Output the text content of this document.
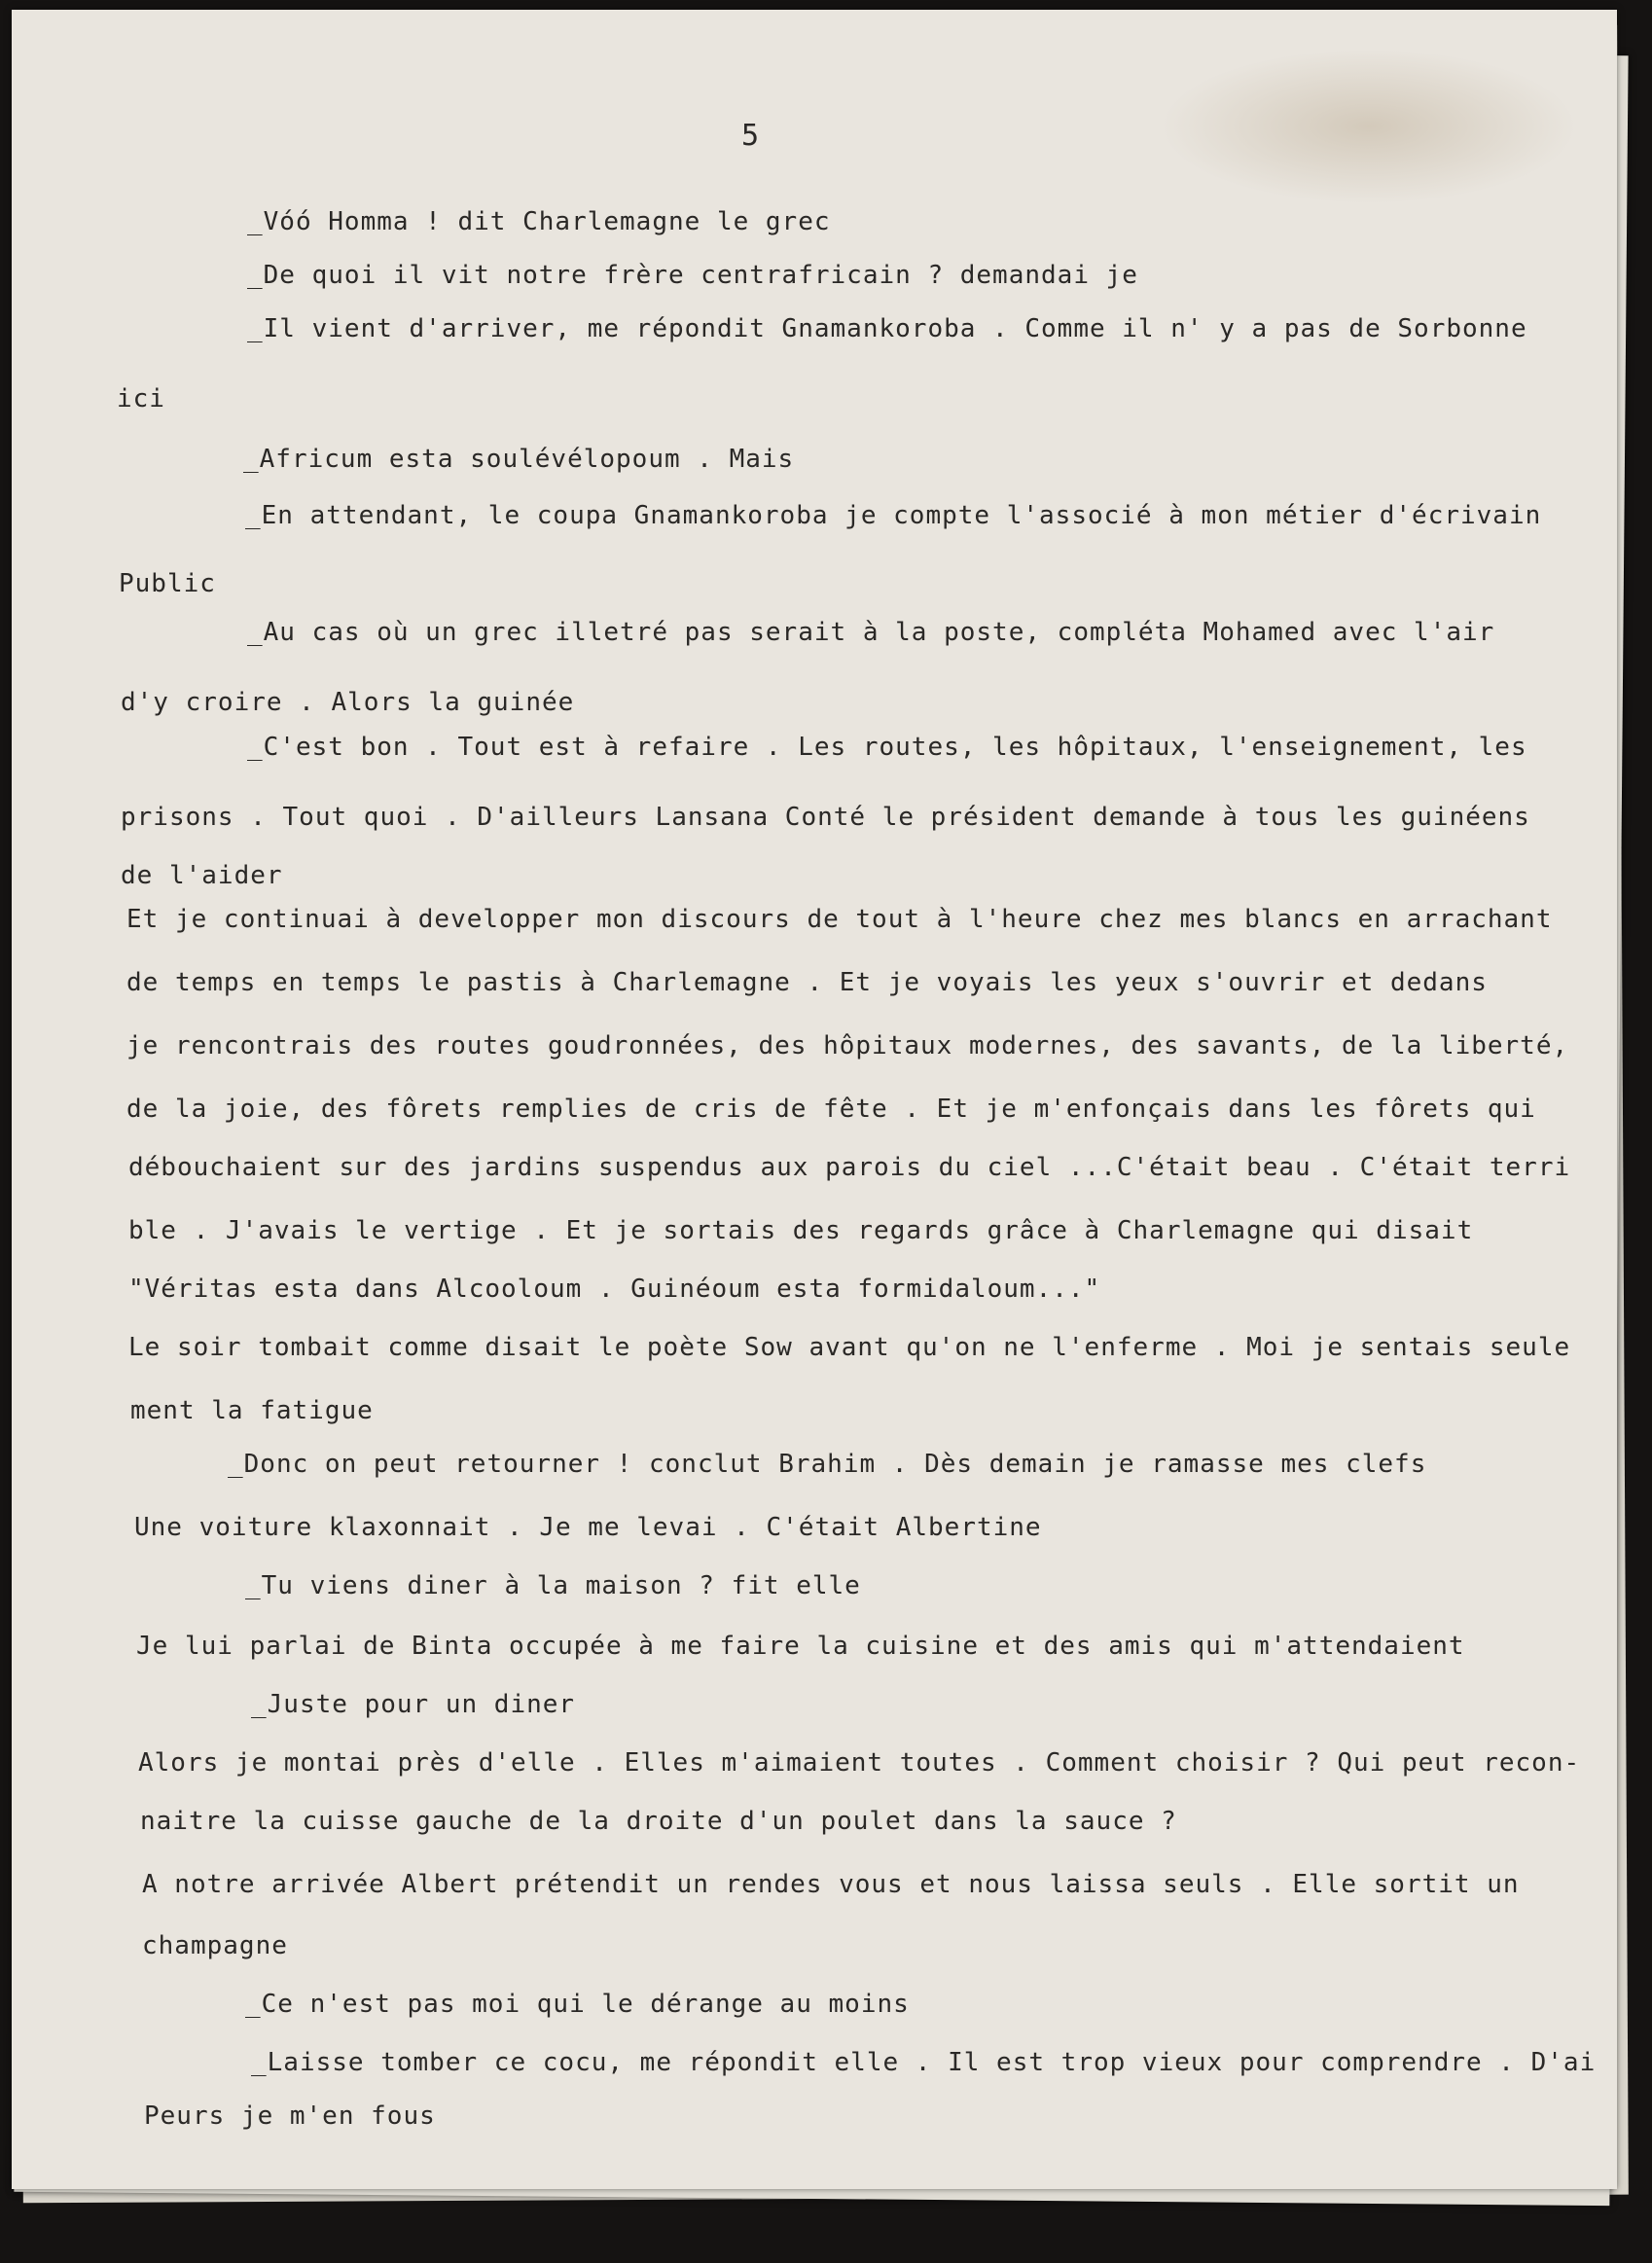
5
_Vóó Homma ! dit Charlemagne le grec
_De quoi il vit notre frère centrafricain ? demandai je
_Il vient d'arriver, me répondit Gnamankoroba . Comme il n' y a pas de Sorbonne
ici
_Africum esta soulévélopoum . Mais
_En attendant, le coupa Gnamankoroba je compte l'associé à mon métier d'écrivain
Public
_Au cas où un grec illetré pas serait à la poste, compléta Mohamed avec l'air
d'y croire . Alors la guinée
_C'est bon . Tout est à refaire . Les routes, les hôpitaux, l'enseignement, les
prisons . Tout quoi . D'ailleurs Lansana Conté le président demande à tous les guinéens
de l'aider
Et je continuai à developper mon discours de tout à l'heure chez mes blancs en arrachant
de temps en temps le pastis à Charlemagne . Et je voyais les yeux s'ouvrir et dedans
je rencontrais des routes goudronnées, des hôpitaux modernes, des savants, de la liberté,
de la joie, des fôrets remplies de cris de fête . Et je m'enfonçais dans les fôrets qui
débouchaient sur des jardins suspendus aux parois du ciel ...C'était beau . C'était terri
ble . J'avais le vertige . Et je sortais des regards grâce à Charlemagne qui disait
"Véritas esta dans Alcooloum . Guinéoum esta formidaloum..."
Le soir tombait comme disait le poète Sow avant qu'on ne l'enferme . Moi je sentais seule
ment la fatigue
_Donc on peut retourner ! conclut Brahim . Dès demain je ramasse mes clefs
Une voiture klaxonnait . Je me levai . C'était Albertine
_Tu viens diner à la maison ? fit elle
Je lui parlai de Binta occupée à me faire la cuisine et des amis qui m'attendaient
_Juste pour un diner
Alors je montai près d'elle . Elles m'aimaient toutes . Comment choisir ? Qui peut recon-
naitre la cuisse gauche de la droite d'un poulet dans la sauce ?
A notre arrivée Albert prétendit un rendes vous et nous laissa seuls . Elle sortit un
champagne
_Ce n'est pas moi qui le dérange au moins
_Laisse tomber ce cocu, me répondit elle . Il est trop vieux pour comprendre . D'ai
Peurs je m'en fous
